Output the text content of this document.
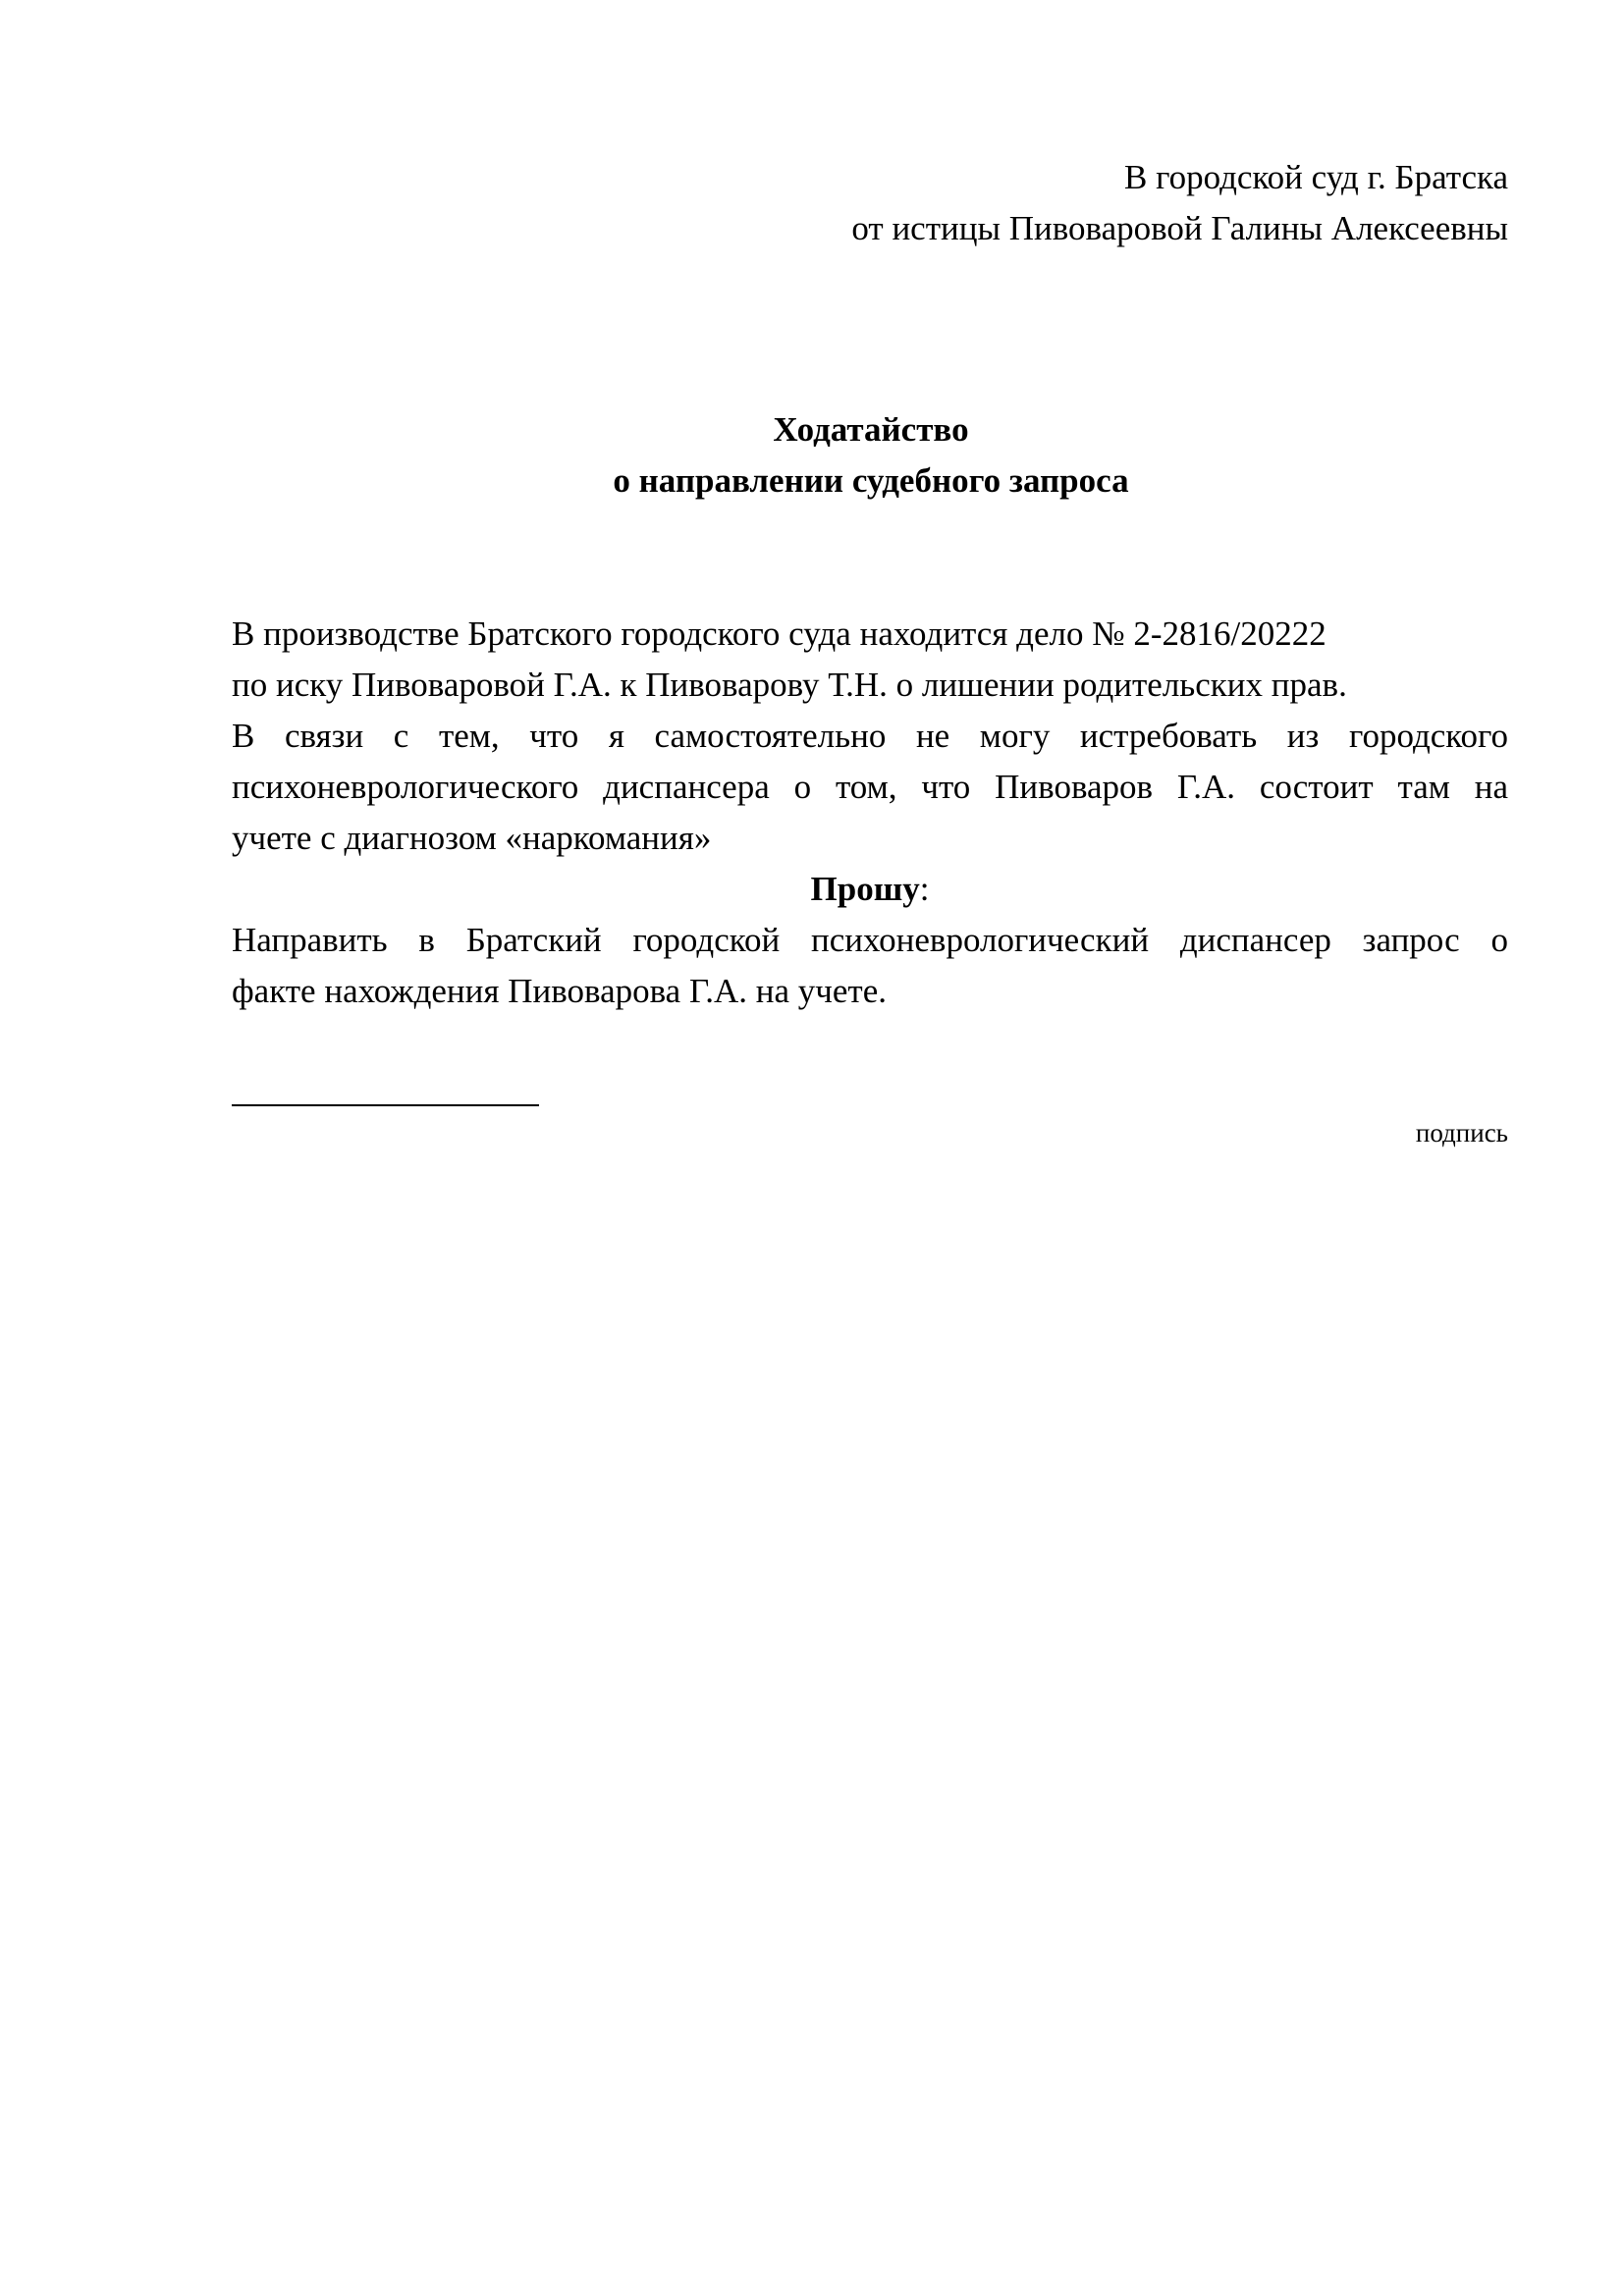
В городской суд г. Братска
от истицы Пивоваровой Галины Алексеевны
Ходатайство
о направлении судебного запроса
В производстве Братского городского суда находится дело № 2-2816/20222
по иску Пивоваровой Г.А. к Пивоварову Т.Н. о лишении родительских прав.
В связи с тем, что я самостоятельно не могу истребовать из городского
психоневрологического диспансера о том, что Пивоваров Г.А. состоит там на
учете с диагнозом «наркомания»
Прошу:
Направить в Братский городской психоневрологический диспансер запрос о
факте нахождения Пивоварова Г.А. на учете.
подпись
